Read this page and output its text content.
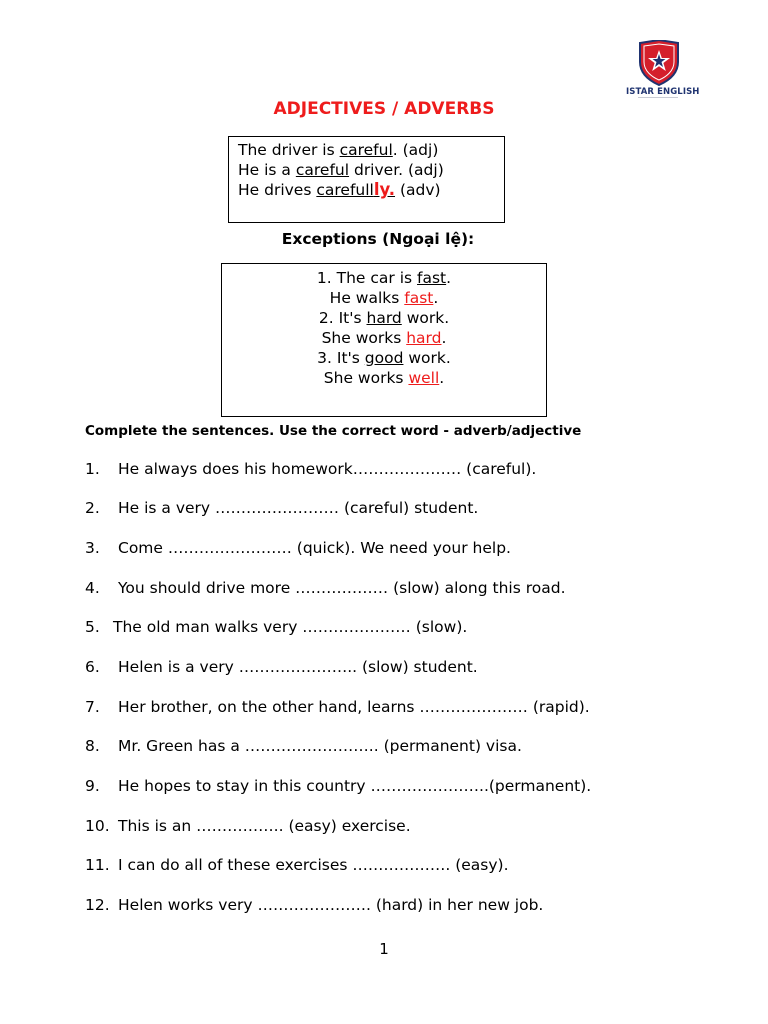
ISTAR ENGLISH
ADJECTIVES / ADVERBS
The driver is careful. (adj)
He is a careful driver. (adj)
He drives carefullly. (adv)
Exceptions (Ngoại lệ):
1. The car is fast.
He walks fast.
2. It's hard work.
She works hard.
3. It's good work.
She works well.
Complete the sentences. Use the correct word - adverb/adjective
1. He always does his homework………………… (careful).
2. He is a very …………………… (careful) student.
3. Come …………………… (quick). We need your help.
4. You should drive more ……………… (slow) along this road.
5. The old man walks very ………………… (slow).
6. Helen is a very ………………….. (slow) student.
7. Her brother, on the other hand, learns ………………… (rapid).
8. Mr. Green has a …………………….. (permanent) visa.
9. He hopes to stay in this country …………………..(permanent).
10. This is an …………….. (easy) exercise.
11. I can do all of these exercises ………………. (easy).
12. Helen works very …………………. (hard) in her new job.
1
